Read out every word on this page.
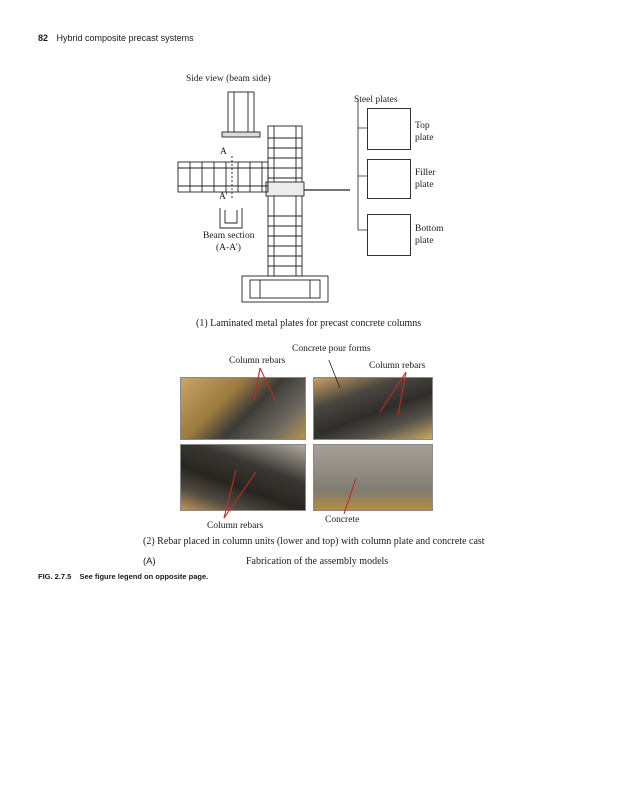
82 Hybrid composite precast systems
Side view (beam side)
Steel plates
A
A'
Beam section
(A-A')
Top
plate
Filler
plate
Bottom
plate
(1) Laminated metal plates for precast concrete columns
Concrete pour forms
Column rebars	Column rebars
Column rebars
Concrete
(2) Rebar placed in column units (lower and top) with column plate and concrete cast
(A)	Fabrication of the assembly models
FIG. 2.7.5 See figure legend on opposite page.
